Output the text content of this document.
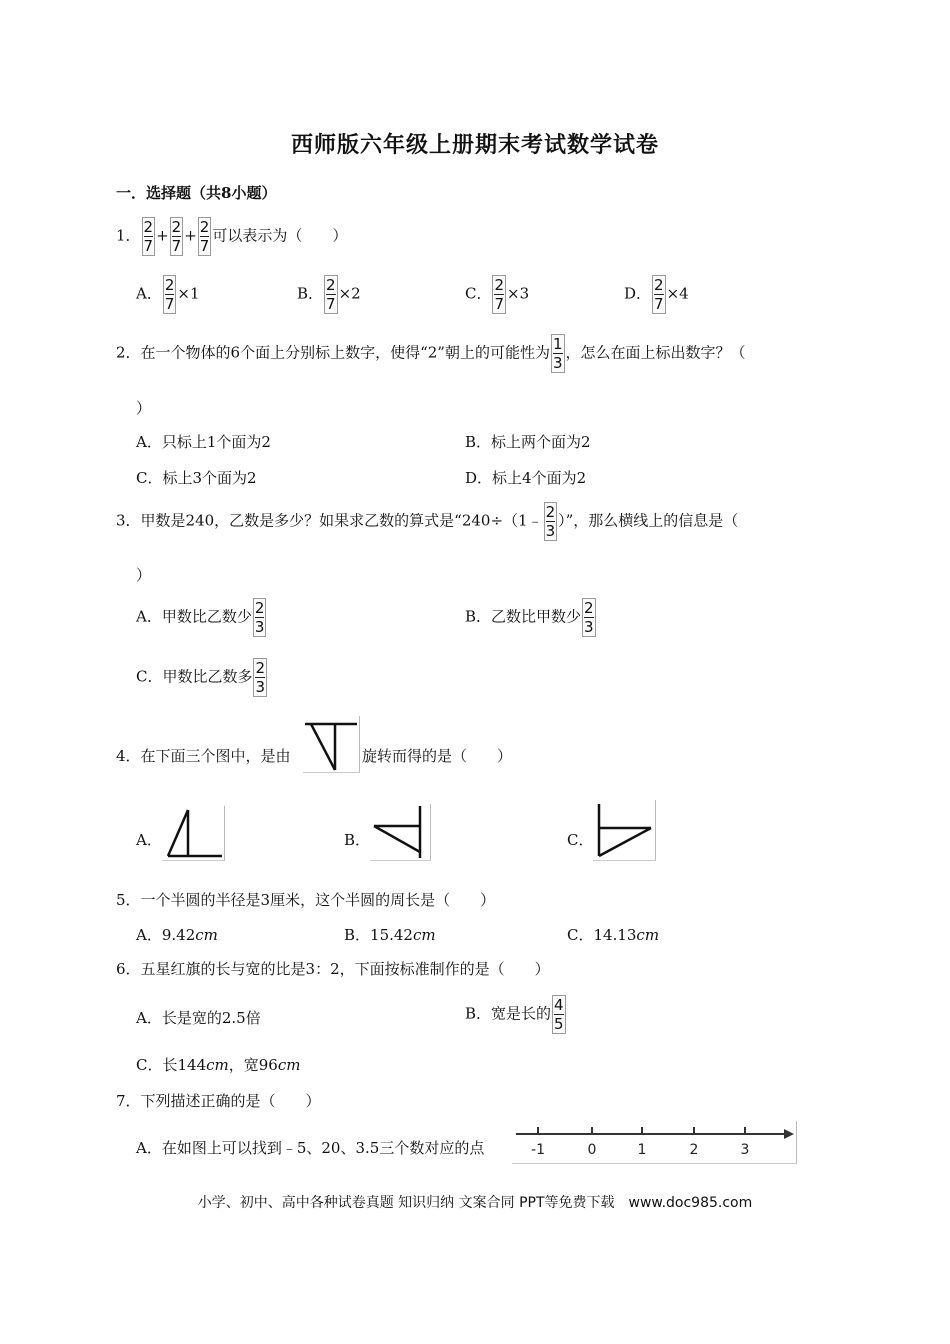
西师版六年级上册期末考试数学试卷
一．选择题（共8小题）
1． $\frac{2}{7} + \frac{2}{7} + \frac{2}{7}$ 可以表示为（　　）
A． $\frac{2}{7} \times 1$	B． $\frac{2}{7} \times 2$	C． $\frac{2}{7} \times 3$	D． $\frac{2}{7} \times 4$
2．在一个物体的6个面上分别标上数字，使得“2”朝上的可能性为 $\frac{1}{3}$ ，怎么在面上标出数字？（
）
A．只标上1个面为2	B．标上两个面为2
C．标上3个面为2	D．标上4个面为2
3．甲数是240，乙数是多少？如果求乙数的算式是“240÷（1﹣ $\frac{2}{3}$ ）”，那么横线上的信息是（
）
A．甲数比乙数少 $\frac{2}{3}$	B．乙数比甲数少 $\frac{2}{3}$
C．甲数比乙数多 $\frac{2}{3}$
4．在下面三个图中，是由	旋转而得的是（　　）
A．	B．	C．
5．一个半圆的半径是3厘米，这个半圆的周长是（　　）
A．9.42cm	B．15.42cm	C．14.13cm
6．五星红旗的长与宽的比是3：2，下面按标准制作的是（　　）
A．长是宽的2.5倍	B．宽是长的 $\frac{4}{5}$
C．长144cm，宽96cm
7．下列描述正确的是（　　）
A．在如图上可以找到﹣5、20、3.5三个数对应的点	-1	0	1	2	3
小学、初中、高中各种试卷真题 知识归纳 文案合同 PPT等免费下载　www.doc985.com
